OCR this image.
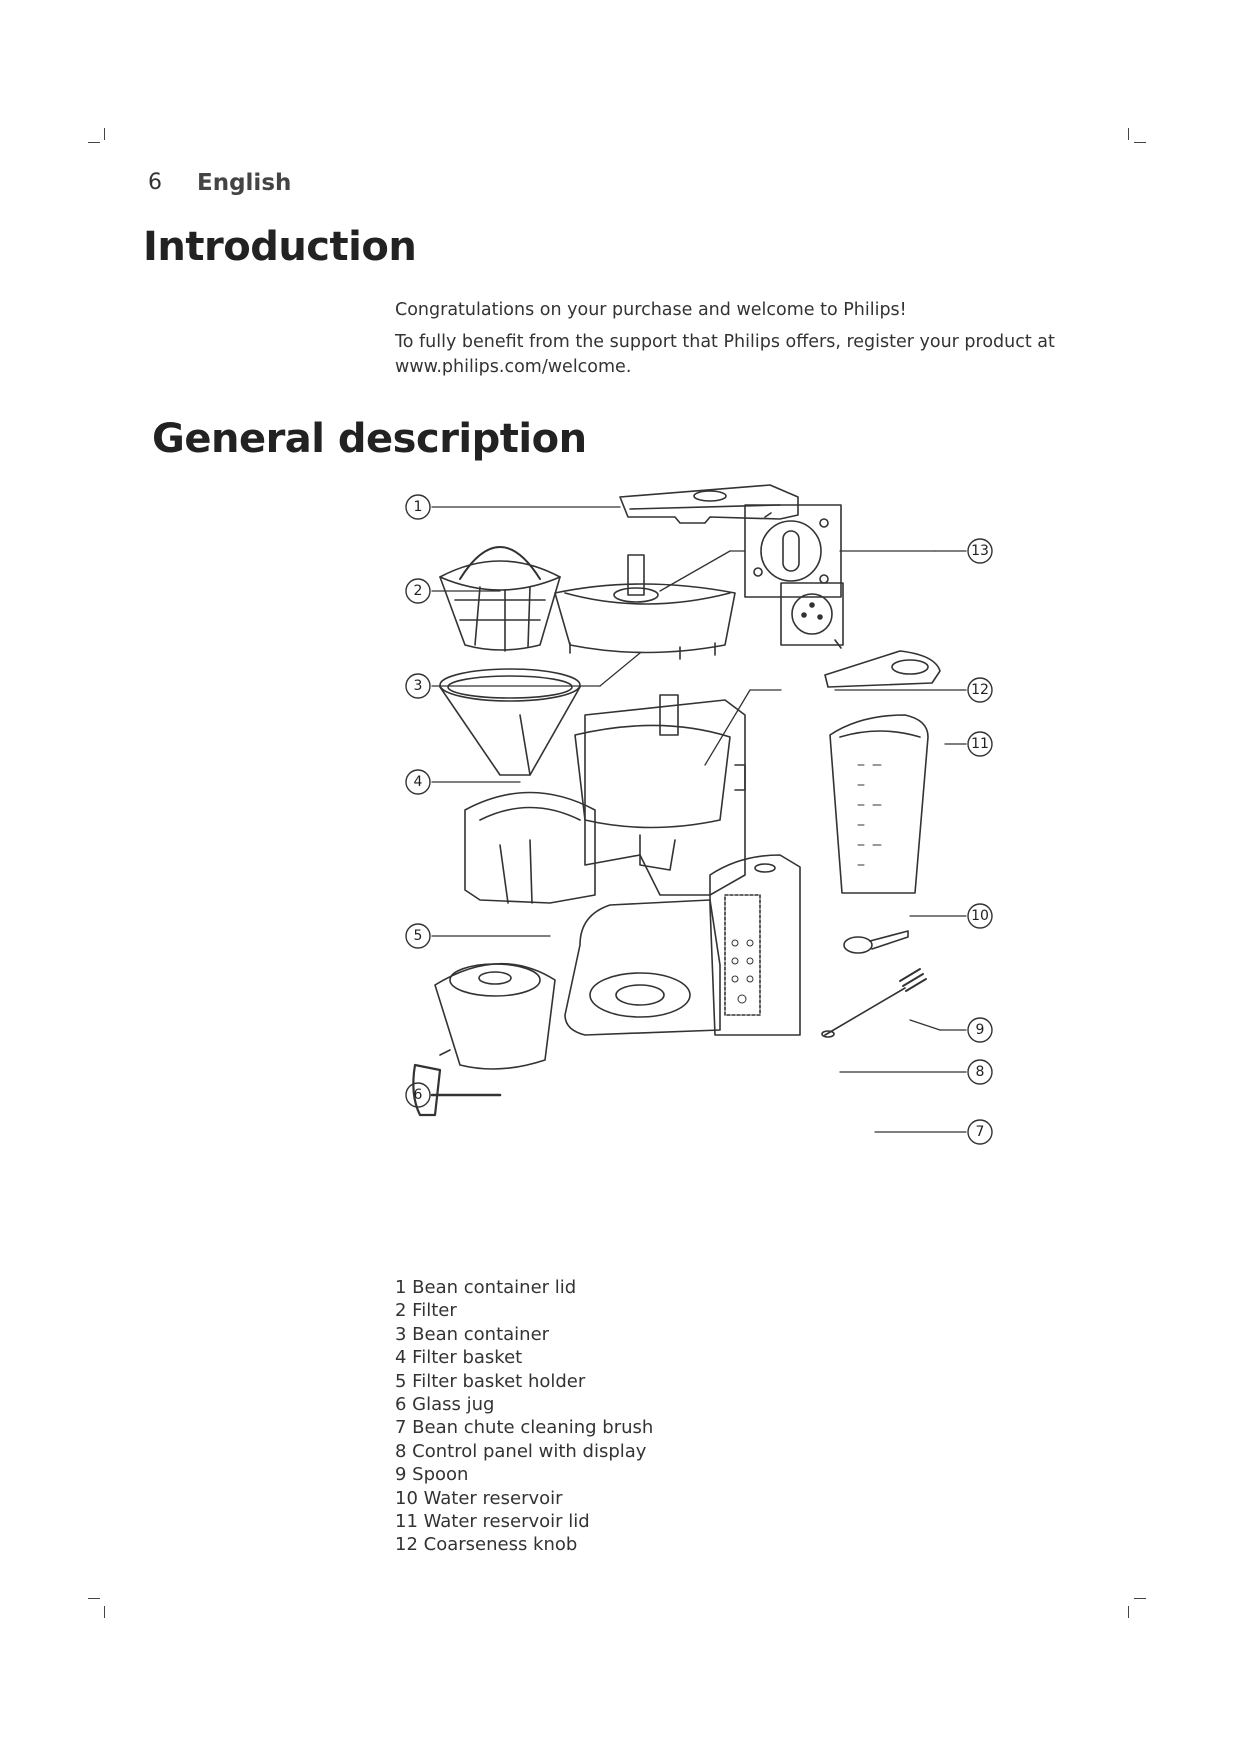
6 English
Introduction

Congratulations on your purchase and welcome to Philips!

To fully benefit from the support that Philips offers, register your product at
www.philips.com/welcome.
General description
1
2
3
4
5
6
7
8
9
10
11
12
13
1 Bean container lid
2 Filter
3 Bean container
4 Filter basket
5 Filter basket holder
6 Glass jug
7 Bean chute cleaning brush
8 Control panel with display
9 Spoon
10 Water reservoir
11 Water reservoir lid
12 Coarseness knob
